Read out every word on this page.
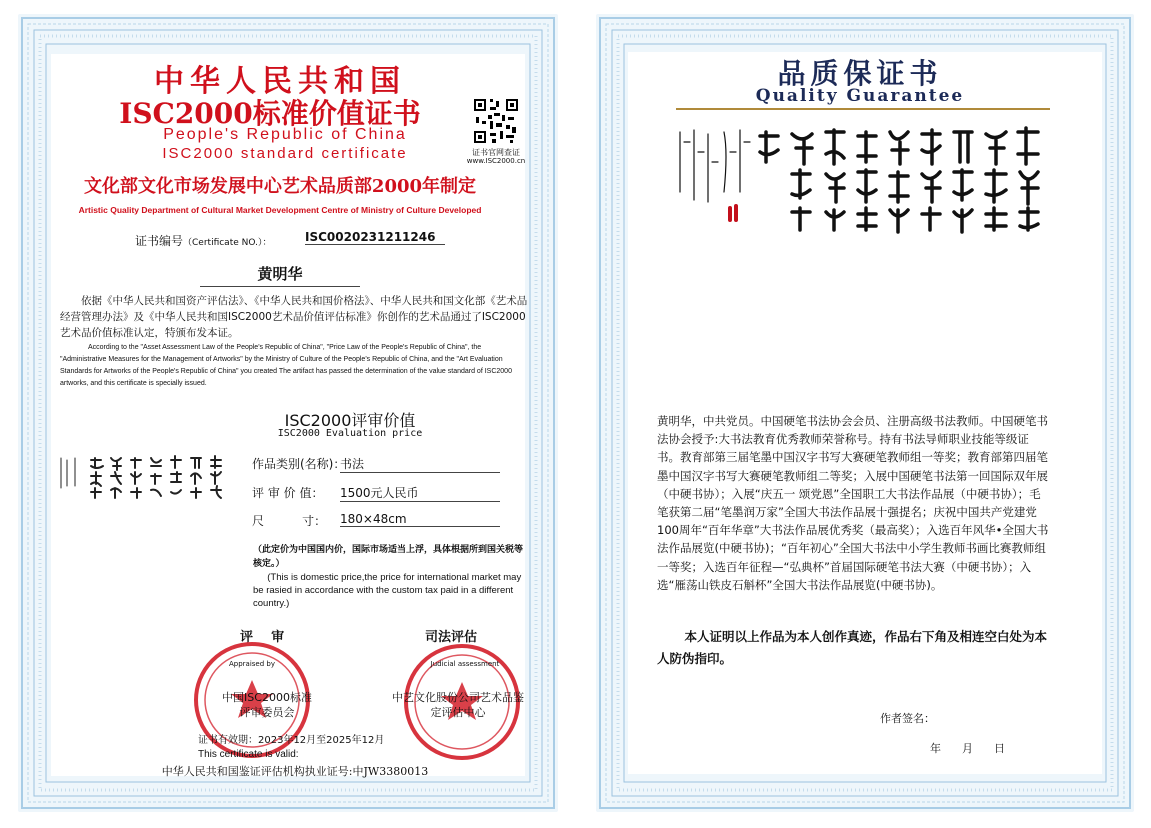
中华人民共和国
ISC2000标准价值证书
People's Republic of China
ISC2000 standard certificate	证书官网查证
www.ISC2000.cn
文化部文化市场发展中心艺术品质部2000年制定
Artistic Quality Department of Cultural Market Development Centre of Ministry of Culture Developed
证书编号（Certificate NO.）：	ISC0020231211246
黄明华
依据《中华人民共和国资产评估法》、《中华人民共和国价格法》、中华人民共和国文化部《艺术品经营管理办法》及《中华人民共和国ISC2000艺术品价值评估标准》你创作的艺术品通过了ISC2000艺术品价值标准认定，特颁布发本证。
According to the "Asset Assessment Law of the People's Republic of China", "Price Law of the People's Republic of China", the "Administrative Measures for the Management of Artworks" by the Ministry of Culture of the People's Republic of China, and the "Art Evaluation Standards for Artworks of the People's Republic of China" you created The artifact has passed the determination of the value standard of ISC2000 artworks, and this certificate is specially issued.
ISC2000评审价值
ISC2000 Evaluation price
作品类别(名称)：
书法
评 审 价 值： 1500元人民币
尺          寸： 180×48cm
（此定价为中国国内价，国际市场适当上浮，具体根据所到国关税等核定。）
(This is domestic price,the price for international market may be rasied in accordance with the custom tax paid in a different country.)
评    审	司法评估
Appraised by	Judicial assessment
中国ISC2000标准评审委员会
中艺文化股份公司艺术品鉴定评估中心
证书有效期：2023年12月至2025年12月
This certificate is valid:
中华人民共和国鉴证评估机构执业证号:中JW3380013
品质保证书
Quality Guarantee
黄明华，中共党员。中国硬笔书法协会会员、注册高级书法教师。中国硬笔书法协会授予:大书法教育优秀教师荣誉称号。持有书法导师职业技能等级证书。教育部第三届笔墨中国汉字书写大赛硬笔教师组一等奖；教育部第四届笔墨中国汉字书写大赛硬笔教师组二等奖；入展中国硬笔书法第一回国际双年展（中硬书协）；入展“庆五一 颂党恩”全国职工大书法作品展（中硬书协）；毛笔获第二届“笔墨润万家”全国大书法作品展十强提名；庆祝中国共产党建党100周年“百年华章”大书法作品展优秀奖（最高奖）；入选百年风华•全国大书法作品展览(中硬书协)；“百年初心”全国大书法中小学生教师书画比赛教师组一等奖；入选百年征程—“弘典杯”首届国际硬笔书法大赛（中硬书协）；入选“雁荡山铁皮石斛杯”全国大书法作品展览(中硬书协)。
本人证明以上作品为本人创作真迹，作品右下角及相连空白处为本人防伪指印。
作者签名：
年      月      日
